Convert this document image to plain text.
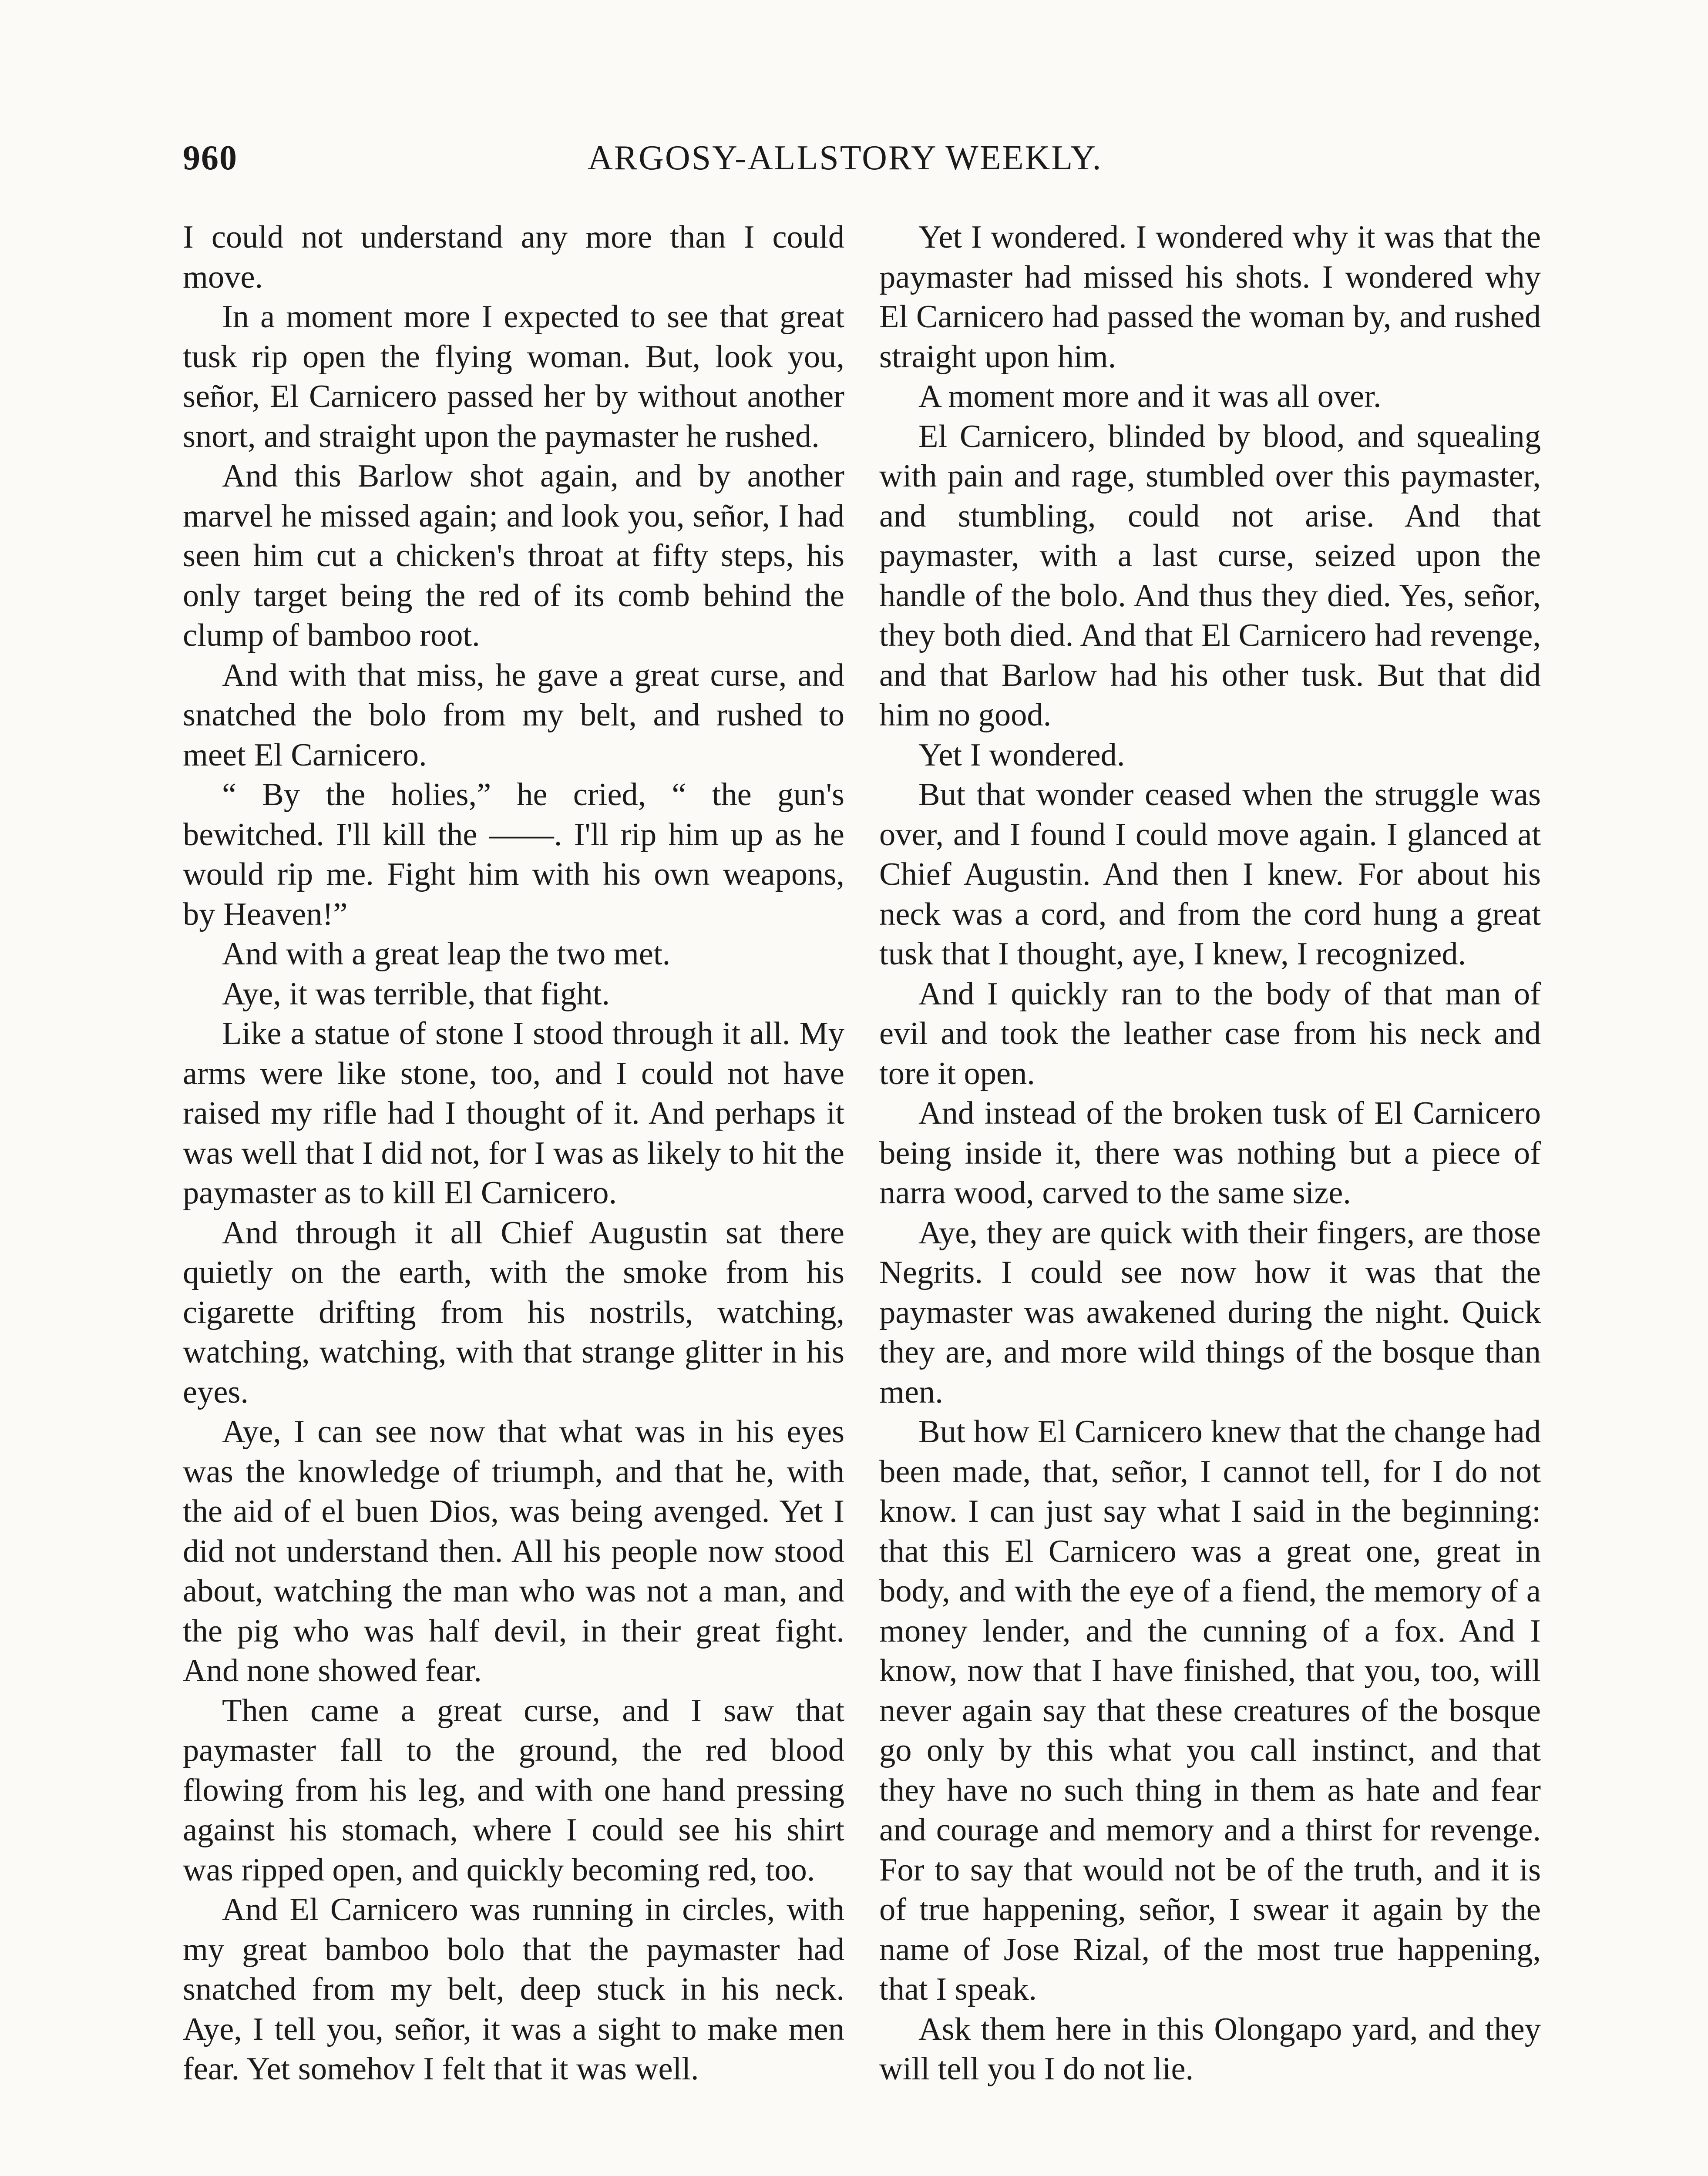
960	ARGOSY-ALLSTORY WEEKLY.

I could not understand any more than I could move.

In a moment more I expected to see that great tusk rip open the flying woman. But, look you, señor, El Carnicero passed her by without another snort, and straight upon the paymaster he rushed.

And this Barlow shot again, and by another marvel he missed again; and look you, señor, I had seen him cut a chicken's throat at fifty steps, his only target being the red of its comb behind the clump of bamboo root.

And with that miss, he gave a great curse, and snatched the bolo from my belt, and rushed to meet El Carnicero.

“ By the holies,” he cried, “ the gun's bewitched. I'll kill the ——. I'll rip him up as he would rip me. Fight him with his own weapons, by Heaven!”

And with a great leap the two met.

Aye, it was terrible, that fight.

Like a statue of stone I stood through it all. My arms were like stone, too, and I could not have raised my rifle had I thought of it. And perhaps it was well that I did not, for I was as likely to hit the paymaster as to kill El Carnicero.

And through it all Chief Augustin sat there quietly on the earth, with the smoke from his cigarette drifting from his nostrils, watching, watching, watching, with that strange glitter in his eyes.

Aye, I can see now that what was in his eyes was the knowledge of triumph, and that he, with the aid of el buen Dios, was being avenged. Yet I did not understand then. All his people now stood about, watching the man who was not a man, and the pig who was half devil, in their great fight. And none showed fear.

Then came a great curse, and I saw that paymaster fall to the ground, the red blood flowing from his leg, and with one hand pressing against his stomach, where I could see his shirt was ripped open, and quickly becoming red, too.

And El Carnicero was running in circles, with my great bamboo bolo that the paymaster had snatched from my belt, deep stuck in his neck. Aye, I tell you, señor, it was a sight to make men fear. Yet somehov I felt that it was well.

Yet I wondered. I wondered why it was that the paymaster had missed his shots. I wondered why El Carnicero had passed the woman by, and rushed straight upon him.

A moment more and it was all over.

El Carnicero, blinded by blood, and squealing with pain and rage, stumbled over this paymaster, and stumbling, could not arise. And that paymaster, with a last curse, seized upon the handle of the bolo. And thus they died. Yes, señor, they both died. And that El Carnicero had revenge, and that Barlow had his other tusk. But that did him no good.

Yet I wondered.

But that wonder ceased when the struggle was over, and I found I could move again. I glanced at Chief Augustin. And then I knew. For about his neck was a cord, and from the cord hung a great tusk that I thought, aye, I knew, I recognized.

And I quickly ran to the body of that man of evil and took the leather case from his neck and tore it open.

And instead of the broken tusk of El Carnicero being inside it, there was nothing but a piece of narra wood, carved to the same size.

Aye, they are quick with their fingers, are those Negrits. I could see now how it was that the paymaster was awakened during the night. Quick they are, and more wild things of the bosque than men.

But how El Carnicero knew that the change had been made, that, señor, I cannot tell, for I do not know. I can just say what I said in the beginning: that this El Carnicero was a great one, great in body, and with the eye of a fiend, the memory of a money lender, and the cunning of a fox. And I know, now that I have finished, that you, too, will never again say that these creatures of the bosque go only by this what you call instinct, and that they have no such thing in them as hate and fear and courage and memory and a thirst for revenge. For to say that would not be of the truth, and it is of true happening, señor, I swear it again by the name of Jose Rizal, of the most true happening, that I speak.

Ask them here in this Olongapo yard, and they will tell you I do not lie.
